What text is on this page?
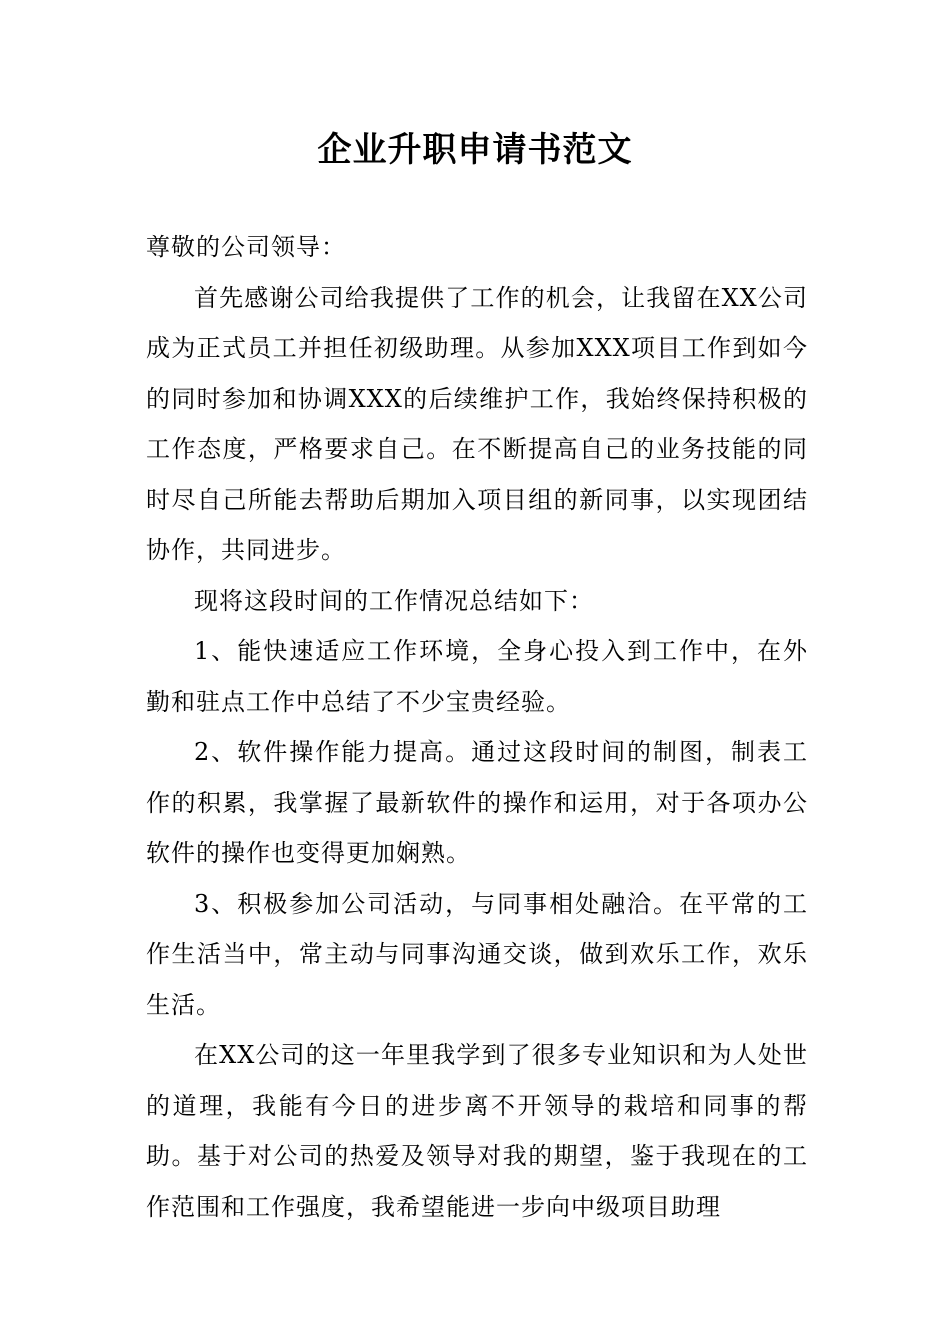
企业升职申请书范文

尊敬的公司领导：

首先感谢公司给我提供了工作的机会，让我留在XX公司成为正式员工并担任初级助理。从参加XXX项目工作到如今的同时参加和协调XXX的后续维护工作，我始终保持积极的工作态度，严格要求自己。在不断提高自己的业务技能的同时尽自己所能去帮助后期加入项目组的新同事，以实现团结协作，共同进步。

现将这段时间的工作情况总结如下：

1、能快速适应工作环境，全身心投入到工作中，在外勤和驻点工作中总结了不少宝贵经验。

2、软件操作能力提高。通过这段时间的制图，制表工作的积累，我掌握了最新软件的操作和运用，对于各项办公软件的操作也变得更加娴熟。

3、积极参加公司活动，与同事相处融洽。在平常的工作生活当中，常主动与同事沟通交谈，做到欢乐工作，欢乐生活。

在XX公司的这一年里我学到了很多专业知识和为人处世的道理，我能有今日的进步离不开领导的栽培和同事的帮助。基于对公司的热爱及领导对我的期望，鉴于我现在的工作范围和工作强度，我希望能进一步向中级项目助理
